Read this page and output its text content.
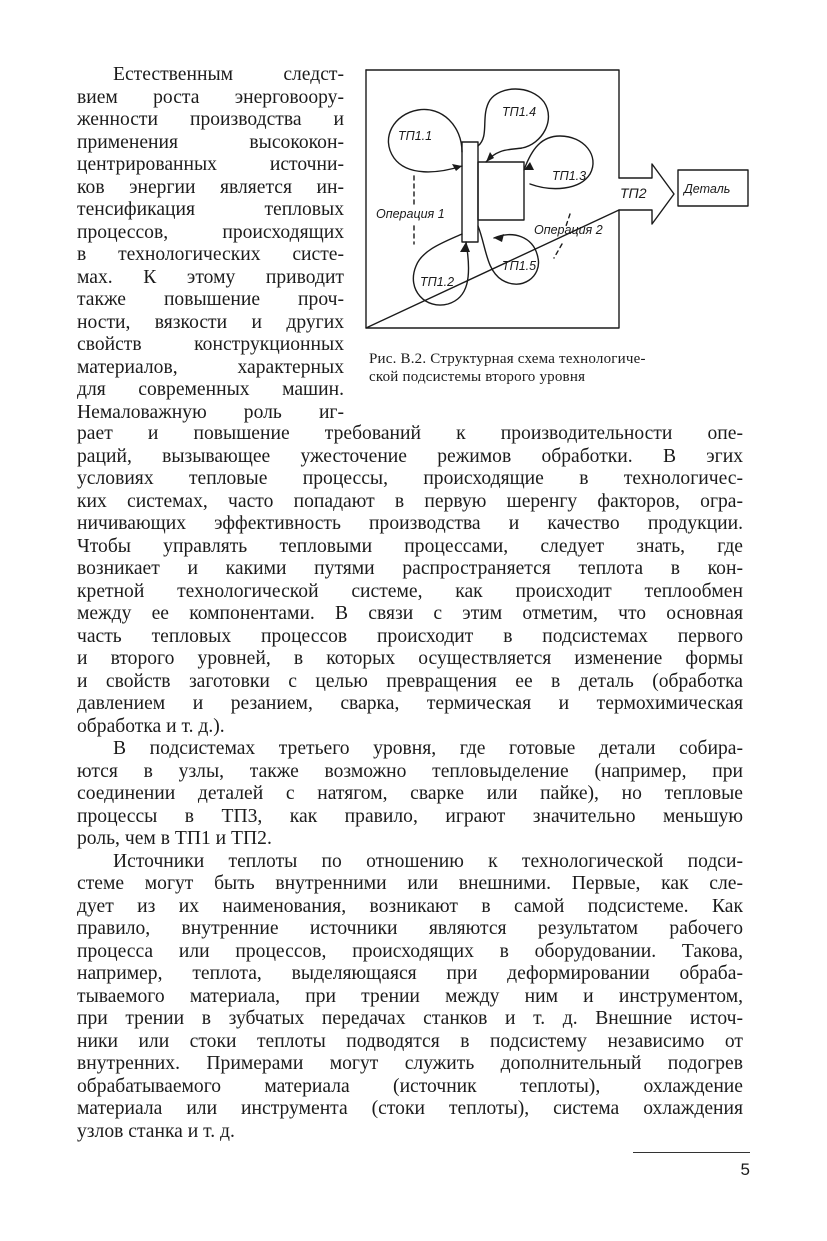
Естественным следст-
вием роста энерговоору-
женности производства и
применения высококон-
центрированных источни-
ков энергии является ин-
тенсификация тепловых
процессов, происходящих
в технологических систе-
мах. К этому приводит
также повышение проч-
ности, вязкости и других
свойств конструкционных
материалов, характерных
для современных машин.
Немаловажную роль иг-

ТП1.1
ТП1.4
ТП1.3
ТП1.5
ТП1.2
Операция 1
Операция 2
ТП2	Деталь

Рис. В.2. Структурная схема технологиче-
ской подсистемы второго уровня

рает и повышение требований к производительности опе-
раций, вызывающее ужесточение режимов обработки. В эгих
условиях тепловые процессы, происходящие в технологичес-
ких системах, часто попадают в первую шеренгу факторов, огра-
ничивающих эффективность производства и качество продукции.
Чтобы управлять тепловыми процессами, следует знать, где
возникает и какими путями распространяется теплота в кон-
кретной технологической системе, как происходит теплообмен
между ее компонентами. В связи с этим отметим, что основная
часть тепловых процессов происходит в подсистемах первого
и второго уровней, в которых осуществляется изменение формы
и свойств заготовки с целью превращения ее в деталь (обработка
давлением и резанием, сварка, термическая и термохимическая
обработка и т. д.).

В подсистемах третьего уровня, где готовые детали собира-
ются в узлы, также возможно тепловыделение (например, при
соединении деталей с натягом, сварке или пайке), но тепловые
процессы в ТП3, как правило, играют значительно меньшую
роль, чем в ТП1 и ТП2.

Источники теплоты по отношению к технологической подси-
стеме могут быть внутренними или внешними. Первые, как сле-
дует из их наименования, возникают в самой подсистеме. Как
правило, внутренние источники являются результатом рабочего
процесса или процессов, происходящих в оборудовании. Такова,
например, теплота, выделяющаяся при деформировании обраба-
тываемого материала, при трении между ним и инструментом,
при трении в зубчатых передачах станков и т. д. Внешние источ-
ники или стоки теплоты подводятся в подсистему независимо от
внутренних. Примерами могут служить дополнительный подогрев
обрабатываемого материала (источник теплоты), охлаждение
материала или инструмента (стоки теплоты), система охлаждения
узлов станка и т. д.

5
